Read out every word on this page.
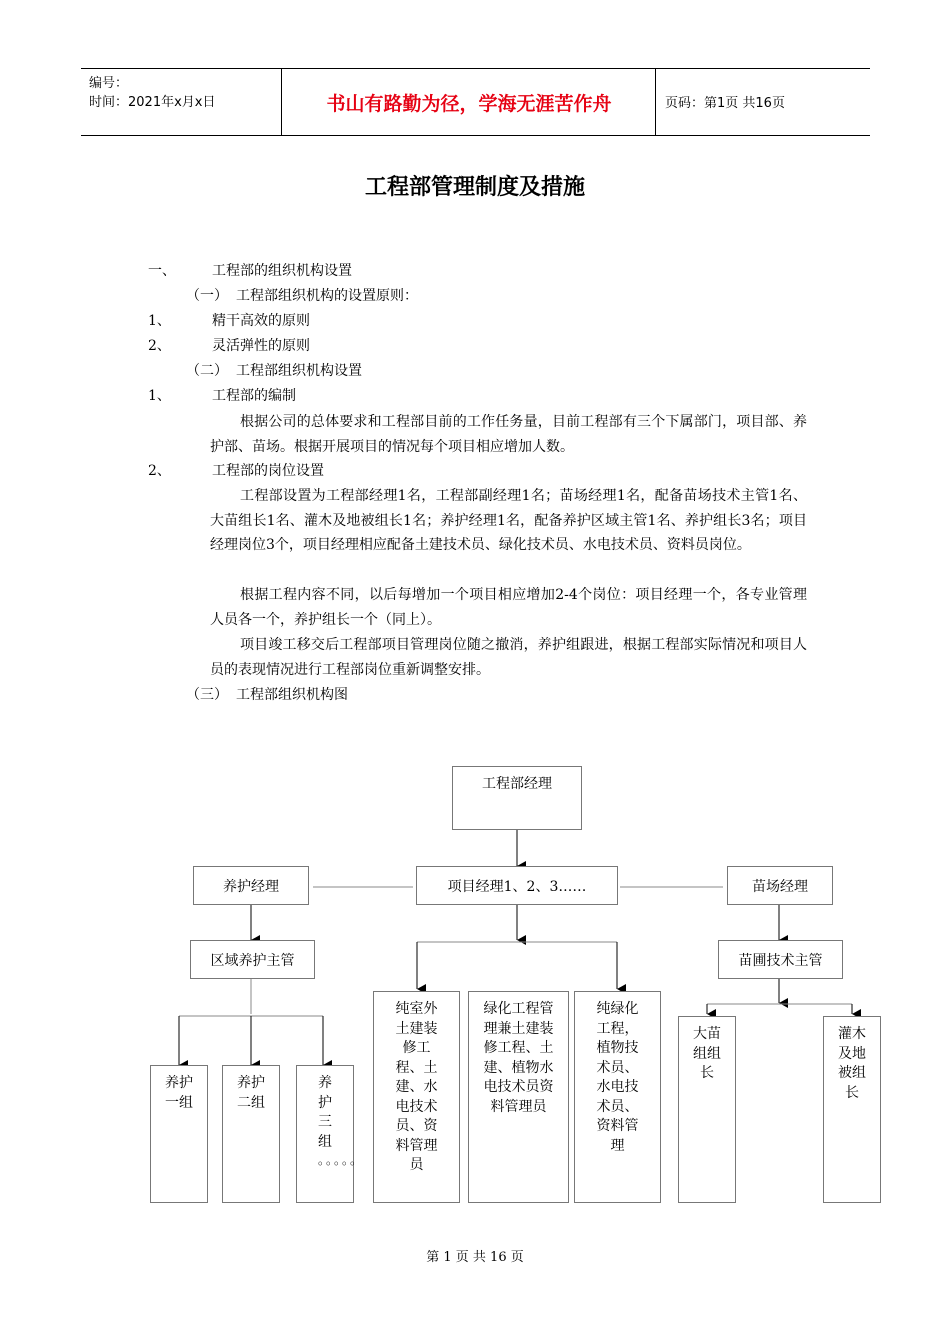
编号：
时间：2021年x月x日	书山有路勤为径，学海无涯苦作舟	页码：第1页 共16页
工程部管理制度及措施
一、	工程部的组织机构设置
（一） 工程部组织机构的设置原则：
1、	精干高效的原则
2、	灵活弹性的原则
（二） 工程部组织机构设置
1、	工程部的编制
根据公司的总体要求和工程部目前的工作任务量，目前工程部有三个下属部门，项目部、养护部、苗场。根据开展项目的情况每个项目相应增加人数。
2、	工程部的岗位设置
工程部设置为工程部经理1名，工程部副经理1名；苗场经理1名，配备苗场技术主管1名、大苗组长1名、灌木及地被组长1名；养护经理1名，配备养护区域主管1名、养护组长3名；项目经理岗位3个，项目经理相应配备土建技术员、绿化技术员、水电技术员、资料员岗位。
根据工程内容不同，以后每增加一个项目相应增加2-4个岗位：项目经理一个，各专业管理人员各一个，养护组长一个（同上）。
项目竣工移交后工程部项目管理岗位随之撤消，养护组跟进，根据工程部实际情况和项目人员的表现情况进行工程部岗位重新调整安排。
（三） 工程部组织机构图
工程部经理
养护经理	项目经理1、2、3……	苗场经理
区域养护主管	苗圃技术主管
养护一组
养护二组
养护三组
。。。。。
纯室外土建装修工程、土建、水电技术员、资料管理员
绿化工程管理兼土建装修工程、土建、植物水电技术员资料管理员
纯绿化工程，植物技术员、水电技术员、资料管理
大苗组组长
灌木及地被组长
第 1 页 共 16 页
